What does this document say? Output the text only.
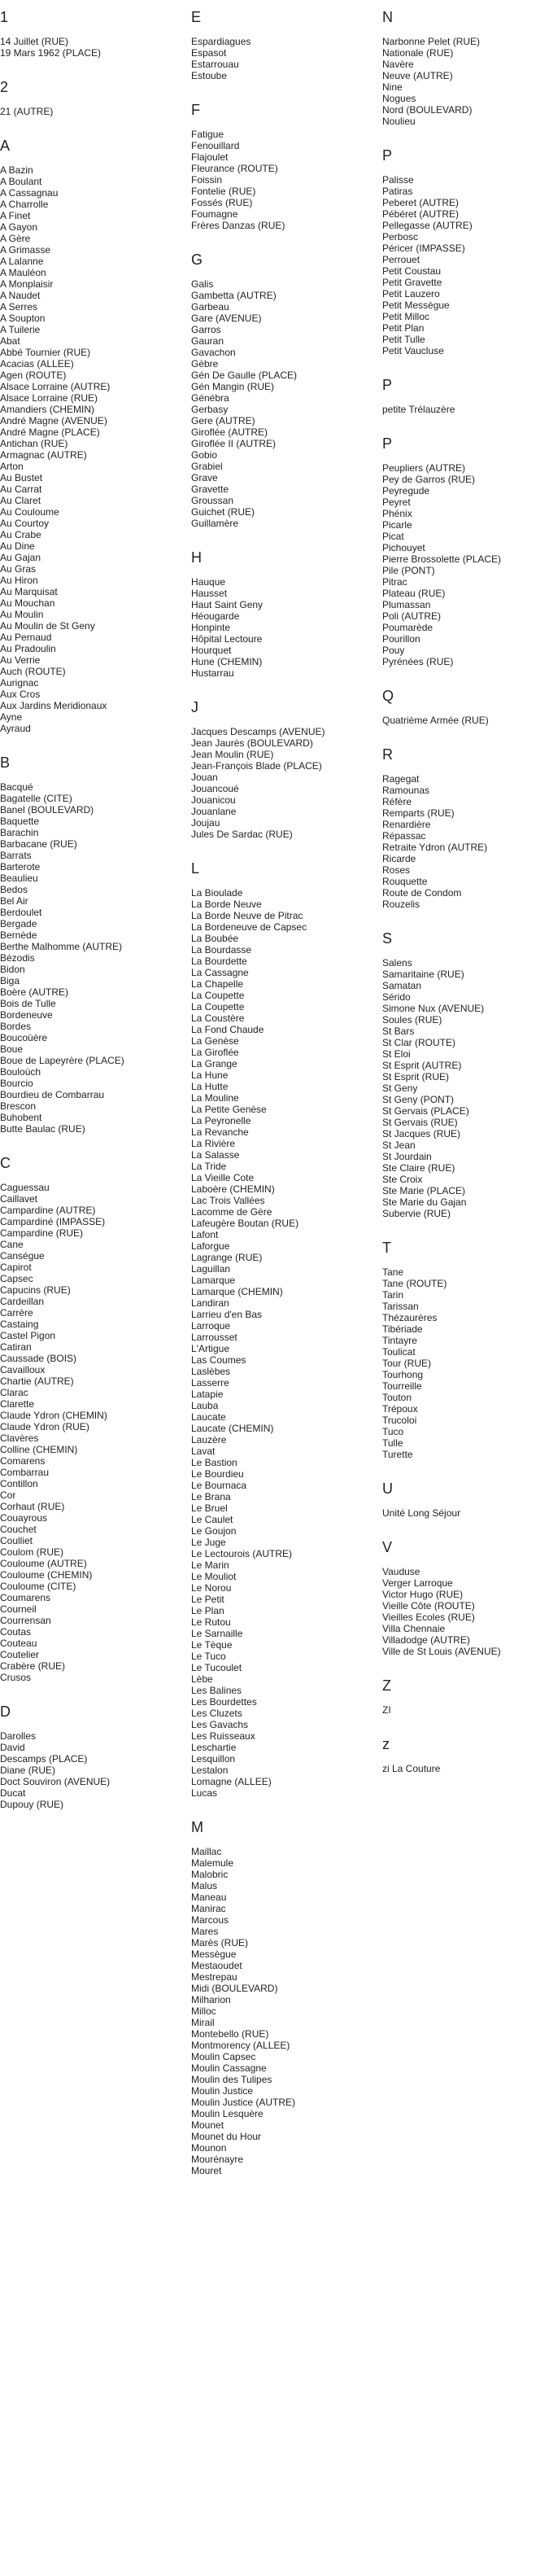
1
14 Juillet (RUE)
19 Mars 1962 (PLACE)
2
21 (AUTRE)
A
A Bazin
A Boulant
A Cassagnau
A Charrolle
A Finet
A Gayon
A Gère
A Grimasse
A Lalanne
A Mauléon
A Monplaisir
A Naudet
A Serres
A Soupton
A Tuilerie
Abat
Abbé Tournier (RUE)
Acacias (ALLEE)
Agen (ROUTE)
Alsace Lorraine (AUTRE)
Alsace Lorraine (RUE)
Amandiers (CHEMIN)
André Magne (AVENUE)
André Magne (PLACE)
Antichan (RUE)
Armagnac (AUTRE)
Arton
Au Bustet
Au Carrat
Au Claret
Au Couloume
Au Courtoy
Au Crabe
Au Dine
Au Gajan
Au Gras
Au Hiron
Au Marquisat
Au Mouchan
Au Moulin
Au Moulin de St Geny
Au Pernaud
Au Pradoulin
Au Verrie
Auch (ROUTE)
Aurignac
Aux Cros
Aux Jardins Meridionaux
Ayne
Ayraud
B
Bacqué
Bagatelle (CITE)
Banel (BOULEVARD)
Baquette
Barachin
Barbacane (RUE)
Barrats
Barterote
Beaulieu
Bedos
Bel Air
Berdoulet
Bergade
Bernède
Berthe Malhomme (AUTRE)
Bézodis
Bidon
Biga
Boère (AUTRE)
Bois de Tulle
Bordeneuve
Bordes
Boucoùère
Boue
Boue de Lapeyrère (PLACE)
Bouloùch
Bourcio
Bourdieu de Combarrau
Brescon
Buhobent
Butte Baulac (RUE)
C
Caguessau
Caillavet
Campardine (AUTRE)
Campardiné (IMPASSE)
Campardine (RUE)
Cane
Canségue
Capirot
Capsec
Capucins (RUE)
Cardeillan
Carrère
Castaing
Castel Pigon
Catiran
Caussade (BOIS)
Cavailloux
Chartie (AUTRE)
Clarac
Clarette
Claude Ydron (CHEMIN)
Claude Ydron (RUE)
Clavères
Colline (CHEMIN)
Comarens
Combarrau
Contillon
Cor
Corhaut (RUE)
Couayrous
Couchet
Coulliet
Coulom (RUE)
Couloume (AUTRE)
Couloume (CHEMIN)
Couloume (CITE)
Coumarens
Courneil
Courrensan
Coutas
Couteau
Coutelier
Crabère (RUE)
Crusos
D
Darolles
David
Descamps (PLACE)
Diane (RUE)
Doct Souviron (AVENUE)
Ducat
Dupouy (RUE)
E
Espardiagues
Espasot
Estarrouau
Estoube
F
Fatigue
Fenouillard
Flajoulet
Fleurance (ROUTE)
Foissin
Fontelie (RUE)
Fossés (RUE)
Foumagne
Frères Danzas (RUE)
G
Galis
Gambetta (AUTRE)
Garbeau
Gare (AVENUE)
Garros
Gauran
Gavachon
Gèbre
Gén De Gaulle (PLACE)
Gén Mangin (RUE)
Génébra
Gerbasy
Gere (AUTRE)
Giroflée (AUTRE)
Giroflée II (AUTRE)
Gobio
Grabiel
Grave
Gravette
Groussan
Guichet (RUE)
Guillamère
H
Hauque
Hausset
Haut Saint Geny
Héougarde
Honpinte
Hôpital Lectoure
Hourquet
Hune (CHEMIN)
Hustarrau
J
Jacques Descamps (AVENUE)
Jean Jaurès (BOULEVARD)
Jean Moulin (RUE)
Jean-François Blade (PLACE)
Jouan
Jouancoué
Jouanicou
Jouanlane
Joujau
Jules De Sardac (RUE)
L
La Bioulade
La Borde Neuve
La Borde Neuve de Pitrac
La Bordeneuve de Capsec
La Boubée
La Bourdasse
La Bourdette
La Cassagne
La Chapelle
La Coupette
La Coupette
La Coustère
La Fond Chaude
La Genèse
La Giroflée
La Grange
La Hune
La Hutte
La Mouline
La Petite Genèse
La Peyronelle
La Revanche
La Rivière
La Salasse
La Tride
La Vieille Cote
Laboère (CHEMIN)
Lac Trois Vallées
Lacomme de Gère
Lafeugère Boutan (RUE)
Lafont
Laforgue
Lagrange (RUE)
Laguillan
Lamarque
Lamarque (CHEMIN)
Landiran
Larrieu d'en Bas
Larroque
Larrousset
L'Artigue
Las Coumes
Laslèbes
Lasserre
Latapie
Lauba
Laucate
Laucate (CHEMIN)
Lauzère
Lavat
Le Bastion
Le Bourdieu
Le Bournaca
Le Brana
Le Bruel
Le Caulet
Le Goujon
Le Juge
Le Lectourois (AUTRE)
Le Marin
Le Mouliot
Le Norou
Le Petit
Le Plan
Le Rutou
Le Sarnaille
Le Tèque
Le Tuco
Le Tucoulet
Lèbe
Les Balines
Les Bourdettes
Les Cluzets
Les Gavachs
Les Ruisseaux
Leschartie
Lesquillon
Lestalon
Lomagne (ALLEE)
Lucas
M
Maillac
Malemule
Malobric
Malus
Maneau
Manirac
Marcous
Mares
Marès (RUE)
Messègue
Mestaoudet
Mestrepau
Midi (BOULEVARD)
Milharion
Milloc
Mirail
Montebello (RUE)
Montmorency (ALLEE)
Moulin Capsec
Moulin Cassagne
Moulin des Tulipes
Moulin Justice
Moulin Justice (AUTRE)
Moulin Lesquère
Mounet
Mounet du Hour
Mounon
Mourénayre
Mouret
N
Narbonne Pelet (RUE)
Nationale (RUE)
Navère
Neuve (AUTRE)
Nine
Nogues
Nord (BOULEVARD)
Noulieu
P
Palisse
Patiras
Peberet (AUTRE)
Pébéret (AUTRE)
Pellegasse (AUTRE)
Perbosc
Péricer (IMPASSE)
Perrouet
Petit Coustau
Petit Gravette
Petit Lauzero
Petit Messègue
Petit Milloc
Petit Plan
Petit Tulle
Petit Vaucluse
P
petite Trélauzère
P
Peupliers (AUTRE)
Pey de Garros (RUE)
Peyregude
Peyret
Phénix
Picarle
Picat
Pichouyet
Pierre Brossolette (PLACE)
Pile (PONT)
Pitrac
Plateau (RUE)
Plumassan
Poli (AUTRE)
Poumarède
Pourillon
Pouy
Pyrénées (RUE)
Q
Quatrième Armée (RUE)
R
Ragegat
Ramounas
Réfère
Remparts (RUE)
Renardière
Répassac
Retraite Ydron (AUTRE)
Ricarde
Roses
Rouquette
Route de Condom
Rouzelis
S
Salens
Samaritaine (RUE)
Samatan
Sérido
Simone Nux (AVENUE)
Soules (RUE)
St Bars
St Clar (ROUTE)
St Eloi
St Esprit (AUTRE)
St Esprit (RUE)
St Geny
St Geny (PONT)
St Gervais (PLACE)
St Gervais (RUE)
St Jacques (RUE)
St Jean
St Jourdain
Ste Claire (RUE)
Ste Croix
Ste Marie (PLACE)
Ste Marie du Gajan
Subervie (RUE)
T
Tane
Tane (ROUTE)
Tarin
Tarissan
Thézaurères
Tibériade
Tintayre
Toulicat
Tour (RUE)
Tourhong
Tourreille
Touton
Trépoux
Trucoloi
Tuco
Tulle
Turette
U
Unité Long Séjour
V
Vauduse
Verger Larroque
Victor Hugo (RUE)
Vieille Côte (ROUTE)
Vieilles Ecoles (RUE)
Villa Chennaie
Villadodge (AUTRE)
Ville de St Louis (AVENUE)
Z
ZI
z
zi La Couture
